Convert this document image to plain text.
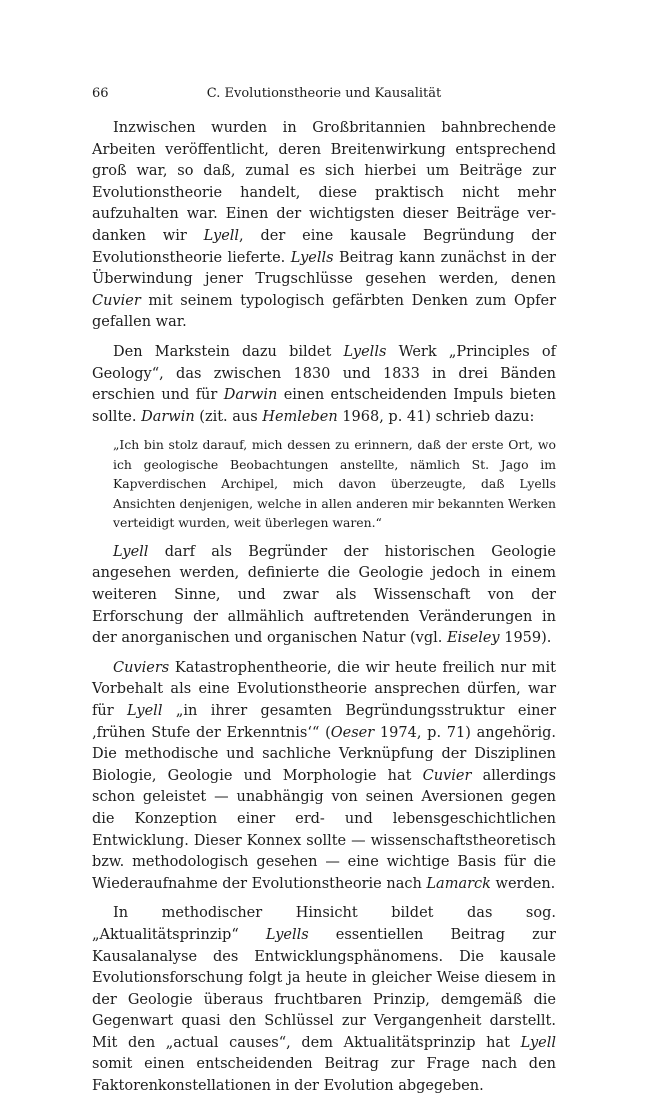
66	C. Evolutionstheorie und Kausalität

Inzwischen wurden in Großbritannien bahnbrechende Arbeiten veröffentlicht, deren Breitenwirkung entsprechend groß war, so daß, zumal es sich hierbei um Beiträge zur Evolutionstheorie handelt, diese praktisch nicht mehr aufzuhalten war. Einen der wichtigsten dieser Beiträge verdanken wir Lyell, der eine kausale Begründung der Evolutionstheorie lieferte. Lyells Beitrag kann zunächst in der Überwindung jener Trugschlüsse gesehen werden, denen Cuvier mit seinem typologisch gefärbten Denken zum Opfer gefallen war.

Den Markstein dazu bildet Lyells Werk „Principles of Geology“, das zwischen 1830 und 1833 in drei Bänden erschien und für Darwin einen entscheidenden Impuls bieten sollte. Darwin (zit. aus Hemleben 1968, p. 41) schrieb dazu:

„Ich bin stolz darauf, mich dessen zu erinnern, daß der erste Ort, wo ich geologische Beobachtungen anstellte, nämlich St. Jago im Kapverdischen Archipel, mich davon überzeugte, daß Lyells Ansichten denjenigen, welche in allen anderen mir bekannten Werken verteidigt wurden, weit überlegen waren.“

Lyell darf als Begründer der historischen Geologie angesehen werden, definierte die Geologie jedoch in einem weiteren Sinne, und zwar als Wissenschaft von der Erforschung der allmählich auftretenden Veränderungen in der anorganischen und organischen Natur (vgl. Eiseley 1959).

Cuviers Katastrophentheorie, die wir heute freilich nur mit Vorbehalt als eine Evolutionstheorie ansprechen dürfen, war für Lyell „in ihrer gesamten Begründungsstruktur einer ‚frühen Stufe der Erkenntnis‘“ (Oeser 1974, p. 71) angehörig. Die methodische und sachliche Verknüpfung der Disziplinen Biologie, Geologie und Morphologie hat Cuvier allerdings schon geleistet — unabhängig von seinen Aversionen gegen die Konzeption einer erd- und lebensgeschichtlichen Entwicklung. Dieser Konnex sollte — wissenschaftstheoretisch bzw. methodologisch gesehen — eine wichtige Basis für die Wiederaufnahme der Evolutionstheorie nach Lamarck werden.

In methodischer Hinsicht bildet das sog. „Aktualitätsprinzip“ Lyells essentiellen Beitrag zur Kausalanalyse des Entwicklungsphänomens. Die kausale Evolutionsforschung folgt ja heute in gleicher Weise diesem in der Geologie überaus fruchtbaren Prinzip, demgemäß die Gegenwart quasi den Schlüssel zur Vergangenheit darstellt. Mit den „actual causes“, dem Aktualitätsprinzip hat Lyell somit einen entscheidenden Beitrag zur Frage nach den Faktorenkonstellationen in der Evolution abgegeben.
